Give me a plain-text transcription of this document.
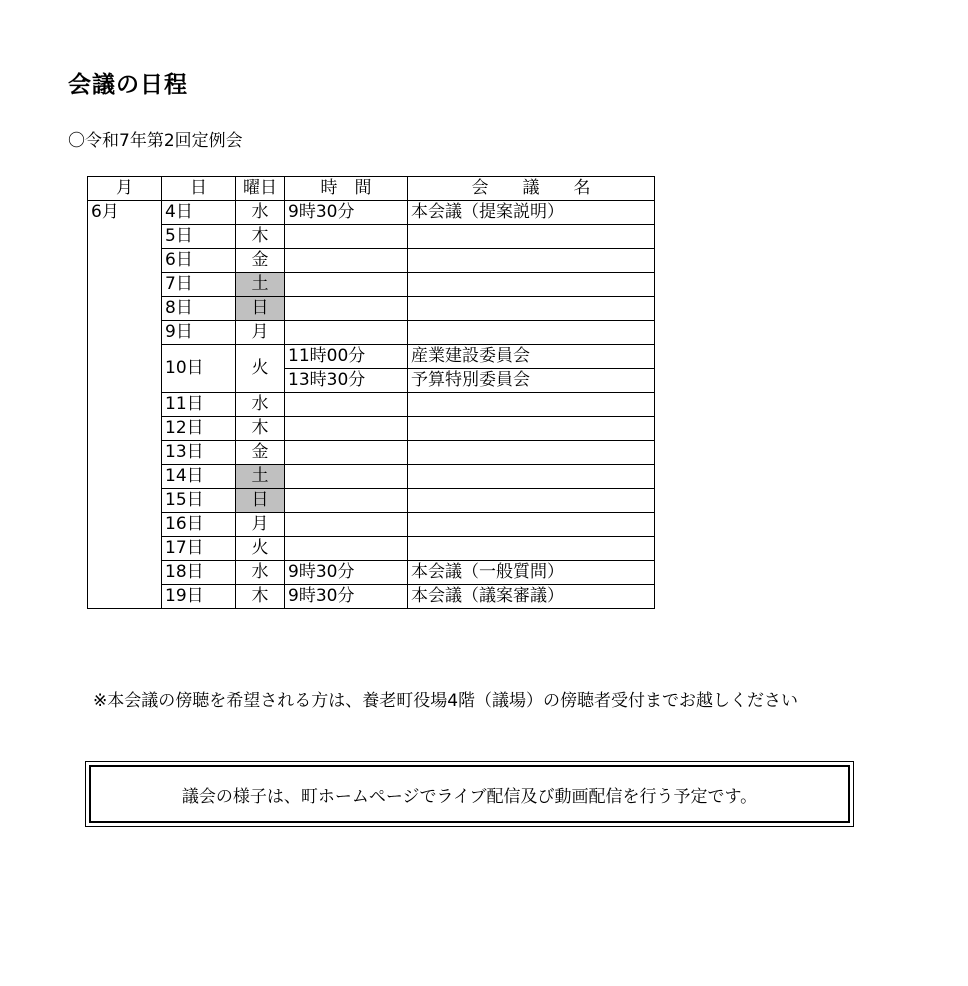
会議の日程
〇令和7年第2回定例会
月	日	曜日	時　間	会　　議　　名
6月	4日	水	9時30分	本会議（提案説明）
	5日	木		
	6日	金		
	7日	土		
	8日	日		
	9日	月		
	10日	火	11時00分	産業建設委員会
			13時30分	予算特別委員会
	11日	水		
	12日	木		
	13日	金		
	14日	土		
	15日	日		
	16日	月		
	17日	火		
	18日	水	9時30分	本会議（一般質問）
	19日	木	9時30分	本会議（議案審議）
※本会議の傍聴を希望される方は、養老町役場4階（議場）の傍聴者受付までお越しください
議会の様子は、町ホームページでライブ配信及び動画配信を行う予定です。
